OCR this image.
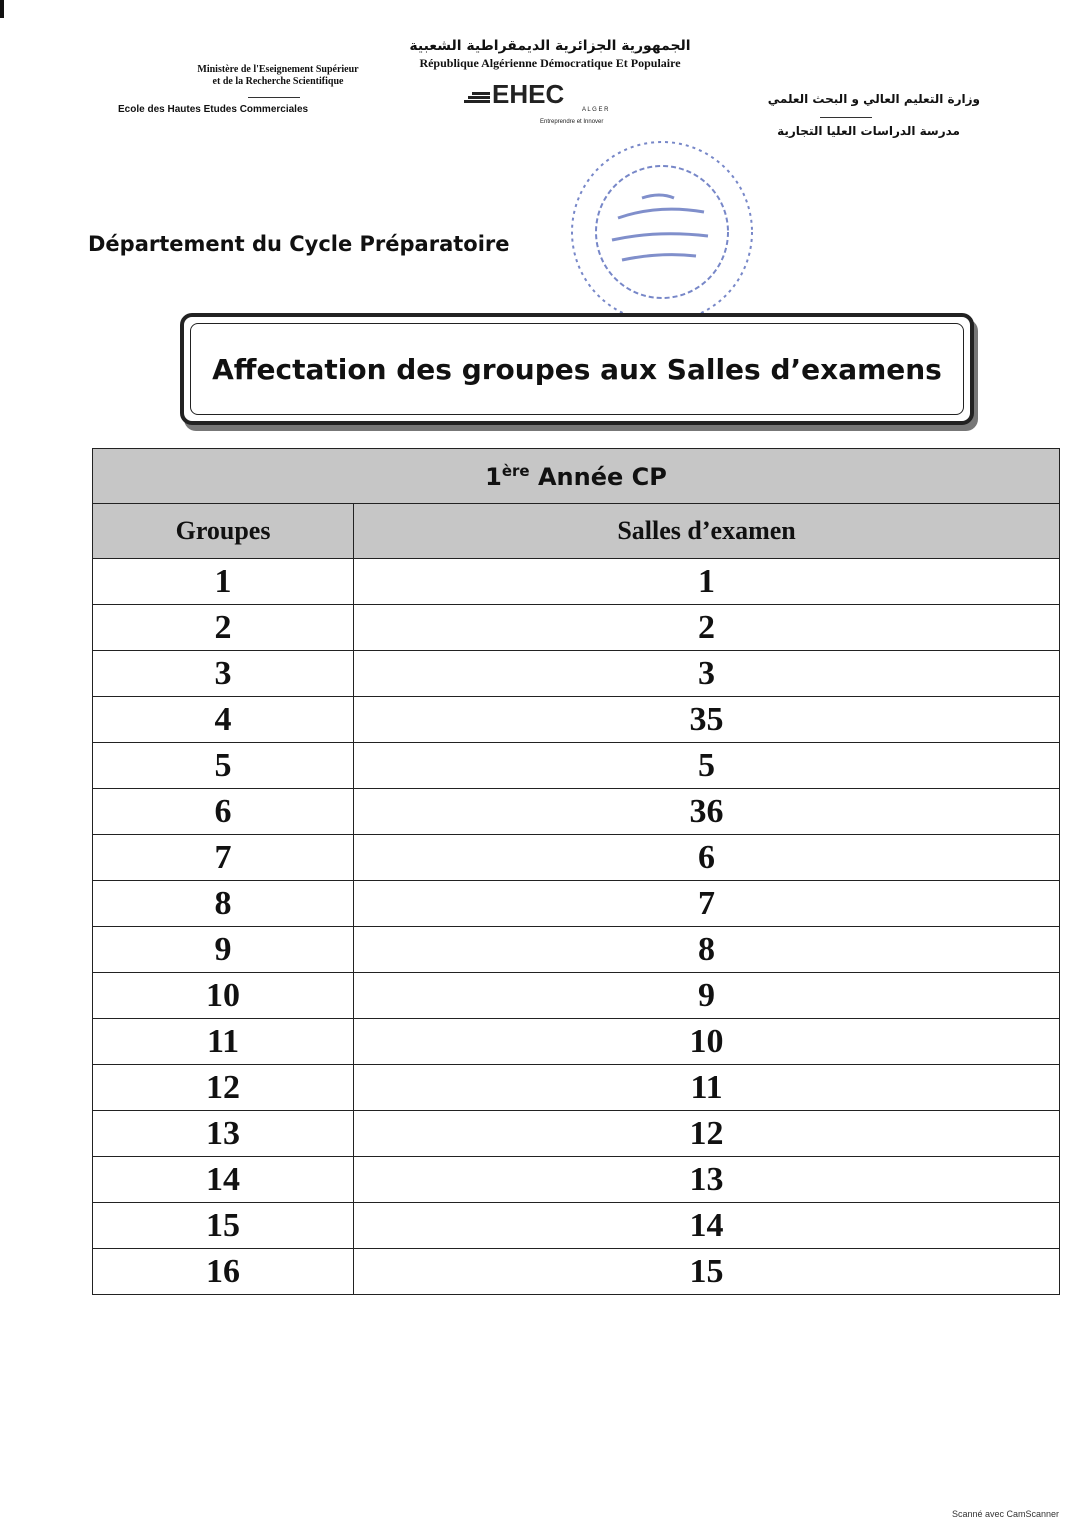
الجمهورية الجزائرية الديمقراطية الشعبية
République Algérienne Démocratique Et Populaire
Ministère de l'Eseignement Supérieur
et de la Recherche Scientifique
Ecole des Hautes Etudes Commerciales
وزارة التعليم العالي و البحث العلمي
مدرسة الدراسات العليا التجارية
EHEC
A L G E R
Entreprendre et Innover
Département du Cycle Préparatoire
Affectation des groupes aux Salles d’examens
1ère Année CP	
Groupes	Salles d’examen
1	1
2	2
3	3
4	35
5	5
6	36
7	6
8	7
9	8
10	9
11	10
12	11
13	12
14	13
15	14
16	15
Scanné avec CamScanner
